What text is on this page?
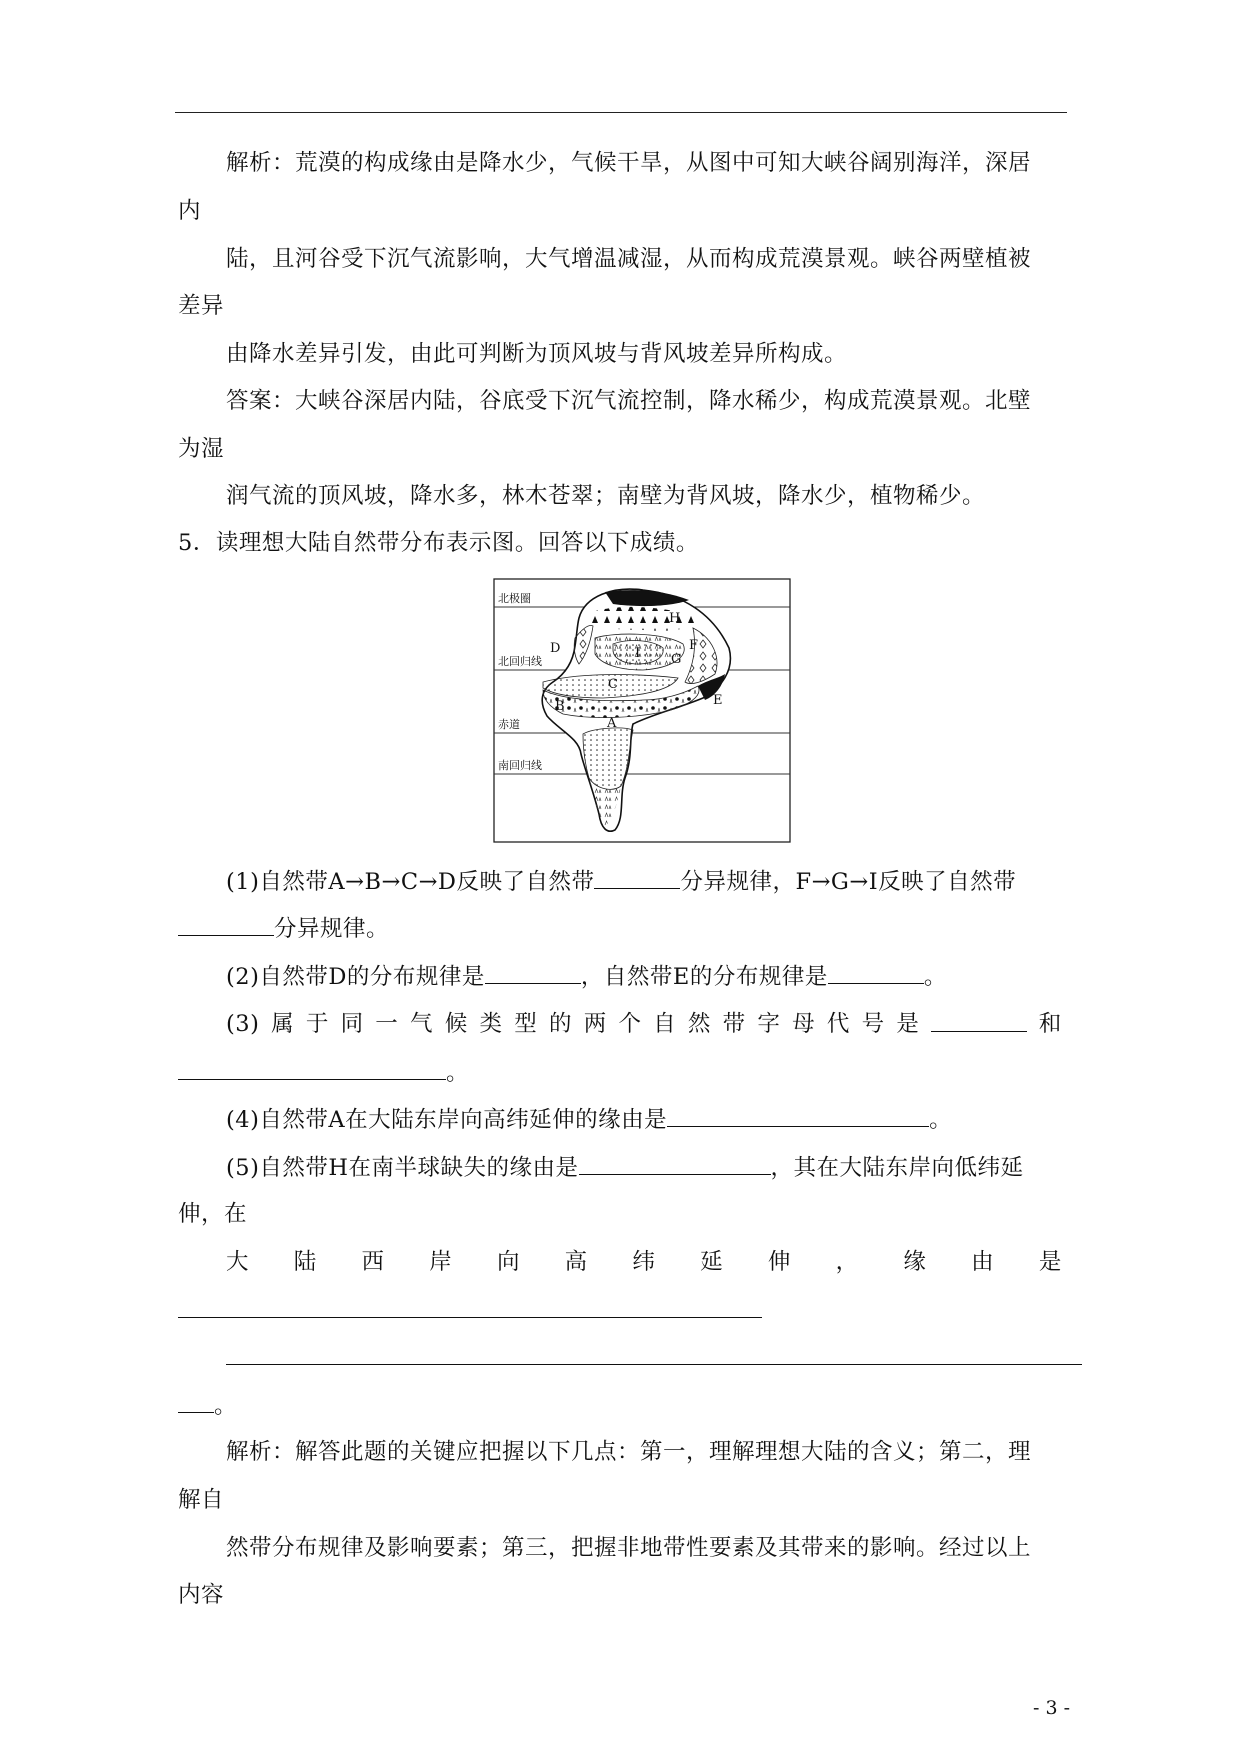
解析：荒漠的构成缘由是降水少，气候干旱，从图中可知大峡谷阔别海洋，深居
内
陆，且河谷受下沉气流影响，大气增温减湿，从而构成荒漠景观。峡谷两壁植被
差异
由降水差异引发，由此可判断为顶风坡与背风坡差异所构成。
答案：大峡谷深居内陆，谷底受下沉气流控制，降水稀少，构成荒漠景观。北壁
为湿
润气流的顶风坡，降水多，林木苍翠；南壁为背风坡，降水少，植物稀少。
5．读理想大陆自然带分布表示图。回答以下成绩。
北极圈
北回归线
赤道
南回归线
A
B
C
D
E
F
G
H
I
(1)自然带A→B→C→D反映了自然带	分异规律，F→G→I反映了自然带
分异规律。
(2)自然带D的分布规律是	，自然带E的分布规律是	。
(3) 属 于 同 一 气 候 类 型 的 两 个 自 然 带 字 母 代 号 是	和
。
(4)自然带A在大陆东岸向高纬延伸的缘由是	。
(5)自然带H在南半球缺失的缘由是	，其在大陆东岸向低纬延
伸，在
大 陆 西 岸 向 高 纬 延 伸 ， 缘 由 是
。
解析：解答此题的关键应把握以下几点：第一，理解理想大陆的含义；第二，理
解自
然带分布规律及影响要素；第三，把握非地带性要素及其带来的影响。经过以上
内容
- 3 -
